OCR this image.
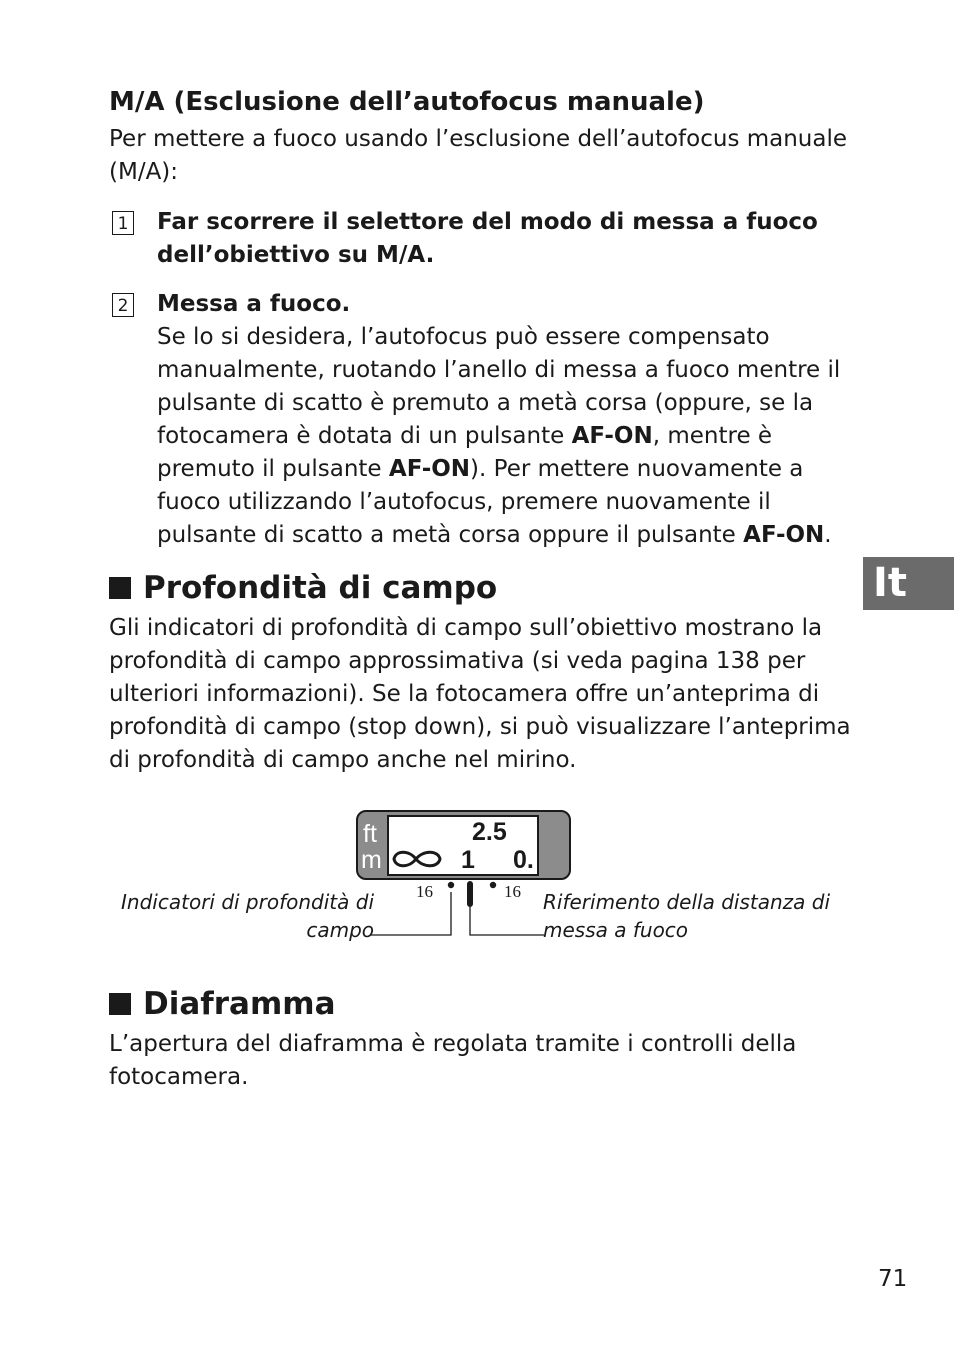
M/A (Esclusione dell’autofocus manuale)
Per mettere a fuoco usando l’esclusione dell’autofocus manuale
(M/A):
1 Far scorrere il selettore del modo di messa a fuoco
dell’obiettivo su M/A.
2 Messa a fuoco.
Se lo si desidera, l’autofocus può essere compensato
manualmente, ruotando l’anello di messa a fuoco mentre il
pulsante di scatto è premuto a metà corsa (oppure, se la
fotocamera è dotata di un pulsante AF-ON, mentre è
premuto il pulsante AF-ON). Per mettere nuovamente a
fuoco utilizzando l’autofocus, premere nuovamente il
pulsante di scatto a metà corsa oppure il pulsante AF-ON.
It
Profondità di campo
Gli indicatori di profondità di campo sull’obiettivo mostrano la
profondità di campo approssimativa (si veda pagina 138 per
ulteriori informazioni). Se la fotocamera offre un’anteprima di
profondità di campo (stop down), si può visualizzare l’anteprima
di profondità di campo anche nel mirino.
ft
m
2.5
1 0.
16	16
Indicatori di profondità di
campo
Riferimento della distanza di
messa a fuoco
Diaframma
L’apertura del diaframma è regolata tramite i controlli della
fotocamera.
71
